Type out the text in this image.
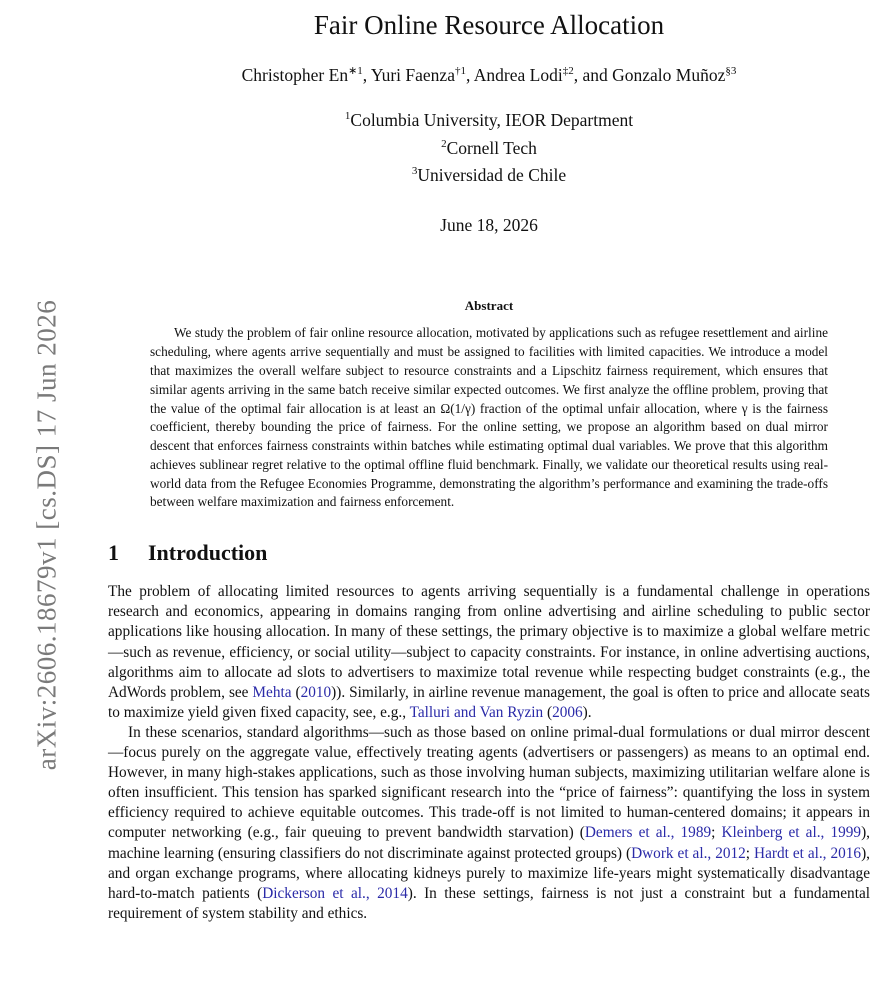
arXiv:2606.18679v1 [cs.DS] 17 Jun 2026
Fair Online Resource Allocation
Christopher $En^{∗1}$, Yuri Faenza$^{\dagger 1}$, Andrea Lodi$^{\ddagger 2}$, and Gonzalo Muñoz$^{\S 3}$
$^1$Columbia University, IEOR Department
$^2$Cornell Tech
$^3$Universidad de Chile
June 18, 2026
Abstract
We study the problem of fair online resource allocation, motivated by applications such as refugee resettlement and airline scheduling, where agents arrive sequentially and must be assigned to facilities with limited capacities. We introduce a model that maximizes the overall welfare subject to resource constraints and a Lipschitz fairness requirement, which ensures that similar agents arriving in the same batch receive similar expected outcomes. We first analyze the offline problem, proving that the value of the optimal fair allocation is at least an Ω(1/γ) fraction of the optimal unfair allocation, where γ is the fairness coefficient, thereby bounding the price of fairness. For the online setting, we propose an algorithm based on dual mirror descent that enforces fairness constraints within batches while estimating optimal dual variables. We prove that this algorithm achieves sublinear regret relative to the optimal offline fluid benchmark. Finally, we validate our theoretical results using real-world data from the Refugee Economies Programme, demonstrating the algorithm’s performance and examining the trade-offs between welfare maximization and fairness enforcement.
1 Introduction

The problem of allocating limited resources to agents arriving sequentially is a fundamental challenge in operations research and economics, appearing in domains ranging from online advertising and airline scheduling to public sector applications like housing allocation. In many of these settings, the primary objective is to maximize a global welfare metric—such as revenue, efficiency, or social utility—subject to capacity constraints. For instance, in online advertising auctions, algorithms aim to allocate ad slots to advertisers to maximize total revenue while respecting budget constraints (e.g., the AdWords problem, see Mehta (2010)). Similarly, in airline revenue management, the goal is often to price and allocate seats to maximize yield given fixed capacity, see, e.g., Talluri and Van Ryzin (2006).

In these scenarios, standard algorithms—such as those based on online primal-dual formulations or dual mirror descent—focus purely on the aggregate value, effectively treating agents (advertisers or passengers) as means to an optimal end. However, in many high-stakes applications, such as those involving human subjects, maximizing utilitarian welfare alone is often insufficient. This tension has sparked significant research into the “price of fairness”: quantifying the loss in system efficiency required to achieve equitable outcomes. This trade-off is not limited to human-centered domains; it appears in computer networking (e.g., fair queuing to prevent bandwidth starvation) (Demers et al., 1989; Kleinberg et al., 1999), machine learning (ensuring classifiers do not discriminate against protected groups) (Dwork et al., 2012; Hardt et al., 2016), and organ exchange programs, where allocating kidneys purely to maximize life-years might systematically disadvantage hard-to-match patients (Dickerson et al., 2014). In these settings, fairness is not just a constraint but a fundamental requirement of system stability and ethics.
